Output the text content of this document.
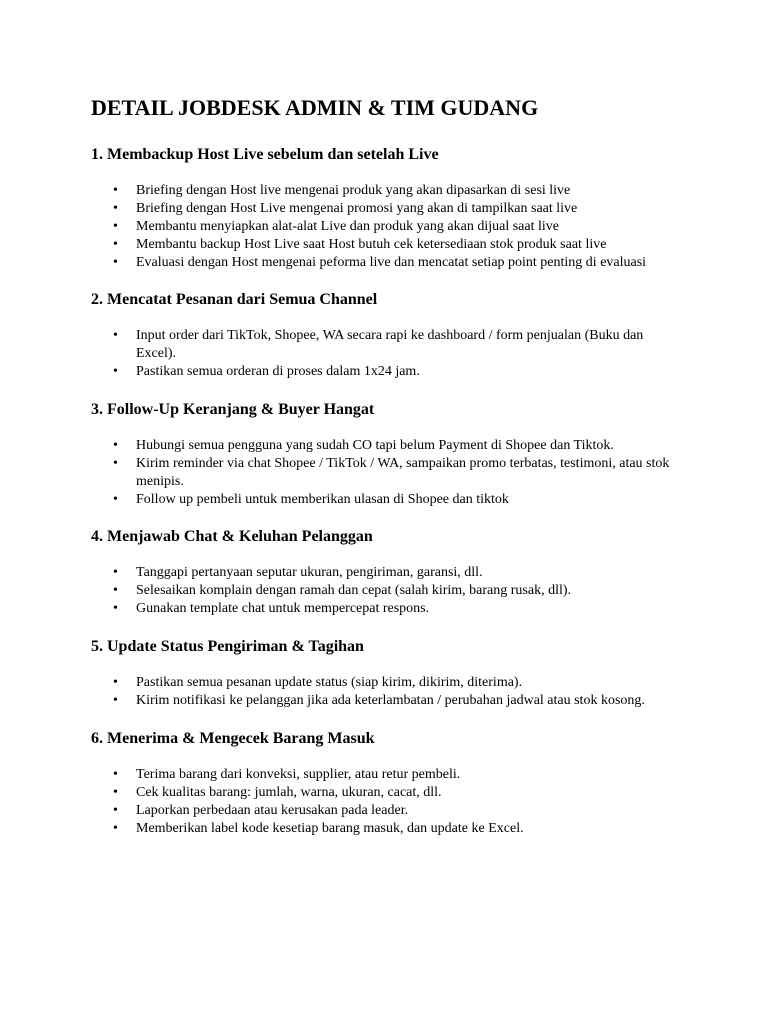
DETAIL JOBDESK ADMIN & TIM GUDANG
1. Membackup Host Live sebelum dan setelah Live
• Briefing dengan Host live mengenai produk yang akan dipasarkan di sesi live
• Briefing dengan Host Live mengenai promosi yang akan di tampilkan saat live
• Membantu menyiapkan alat-alat Live dan produk yang akan dijual saat live
• Membantu backup Host Live saat Host butuh cek ketersediaan stok produk saat live
• Evaluasi dengan Host mengenai peforma live dan mencatat setiap point penting di evaluasi
2. Mencatat Pesanan dari Semua Channel
• Input order dari TikTok, Shopee, WA secara rapi ke dashboard / form penjualan (Buku dan Excel).
• Pastikan semua orderan di proses dalam 1x24 jam.
3. Follow-Up Keranjang & Buyer Hangat
• Hubungi semua pengguna yang sudah CO tapi belum Payment di Shopee dan Tiktok.
• Kirim reminder via chat Shopee / TikTok / WA, sampaikan promo terbatas, testimoni, atau stok menipis.
• Follow up pembeli untuk memberikan ulasan di Shopee dan tiktok
4. Menjawab Chat & Keluhan Pelanggan
• Tanggapi pertanyaan seputar ukuran, pengiriman, garansi, dll.
• Selesaikan komplain dengan ramah dan cepat (salah kirim, barang rusak, dll).
• Gunakan template chat untuk mempercepat respons.
5. Update Status Pengiriman & Tagihan
• Pastikan semua pesanan update status (siap kirim, dikirim, diterima).
• Kirim notifikasi ke pelanggan jika ada keterlambatan / perubahan jadwal atau stok kosong.
6. Menerima & Mengecek Barang Masuk
• Terima barang dari konveksi, supplier, atau retur pembeli.
• Cek kualitas barang: jumlah, warna, ukuran, cacat, dll.
• Laporkan perbedaan atau kerusakan pada leader.
• Memberikan label kode kesetiap barang masuk, dan update ke Excel.
